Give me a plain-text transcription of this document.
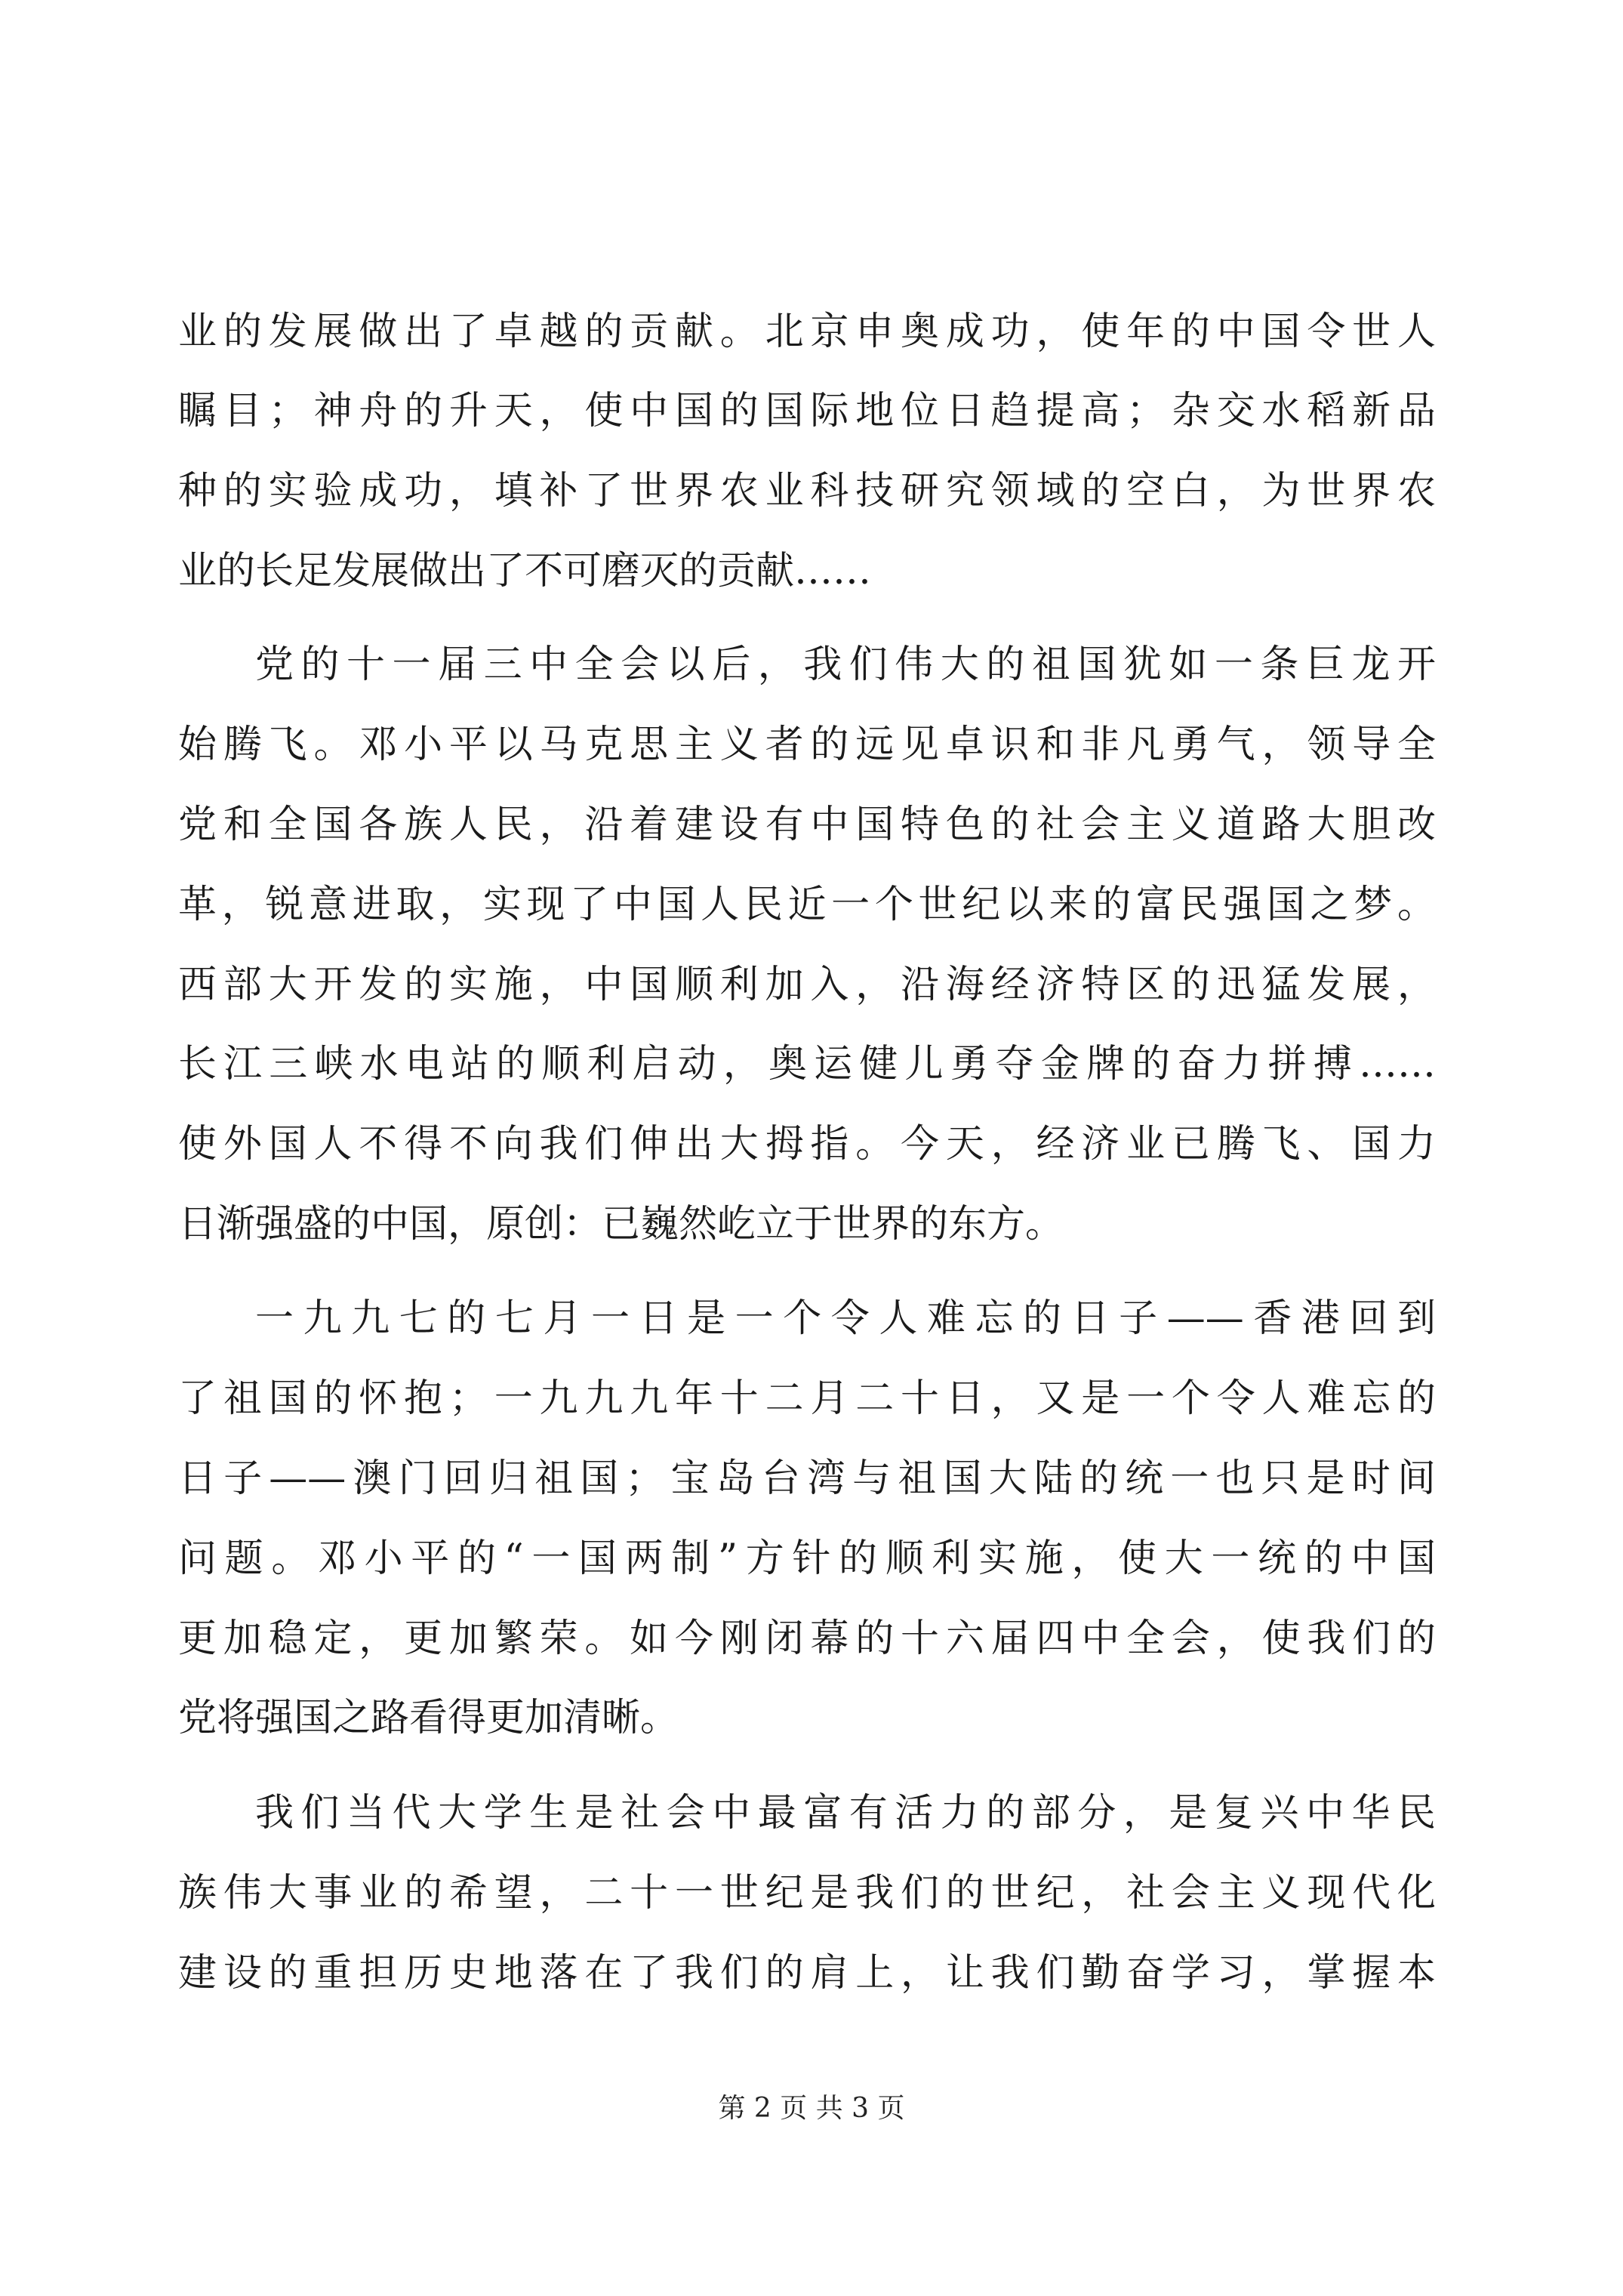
业的发展做出了卓越的贡献。北京申奥成功，使年的中国令世人
瞩目；神舟的升天，使中国的国际地位日趋提高；杂交水稻新品
种的实验成功，填补了世界农业科技研究领域的空白，为世界农
业的长足发展做出了不可磨灭的贡献……
党的十一届三中全会以后，我们伟大的祖国犹如一条巨龙开
始腾飞。邓小平以马克思主义者的远见卓识和非凡勇气，领导全
党和全国各族人民，沿着建设有中国特色的社会主义道路大胆改
革，锐意进取，实现了中国人民近一个世纪以来的富民强国之梦。
西部大开发的实施，中国顺利加入，沿海经济特区的迅猛发展，
长江三峡水电站的顺利启动，奥运健儿勇夺金牌的奋力拼搏……
使外国人不得不向我们伸出大拇指。今天，经济业已腾飞、国力
日渐强盛的中国，原创：已巍然屹立于世界的东方。
一九九七的七月一日是一个令人难忘的日子——香港回到
了祖国的怀抱；一九九九年十二月二十日，又是一个令人难忘的
日子——澳门回归祖国；宝岛台湾与祖国大陆的统一也只是时间
问题。邓小平的“一国两制”方针的顺利实施，使大一统的中国
更加稳定，更加繁荣。如今刚闭幕的十六届四中全会，使我们的
党将强国之路看得更加清晰。
我们当代大学生是社会中最富有活力的部分，是复兴中华民
族伟大事业的希望，二十一世纪是我们的世纪，社会主义现代化
建设的重担历史地落在了我们的肩上，让我们勤奋学习，掌握本
第 2 页 共 3 页
